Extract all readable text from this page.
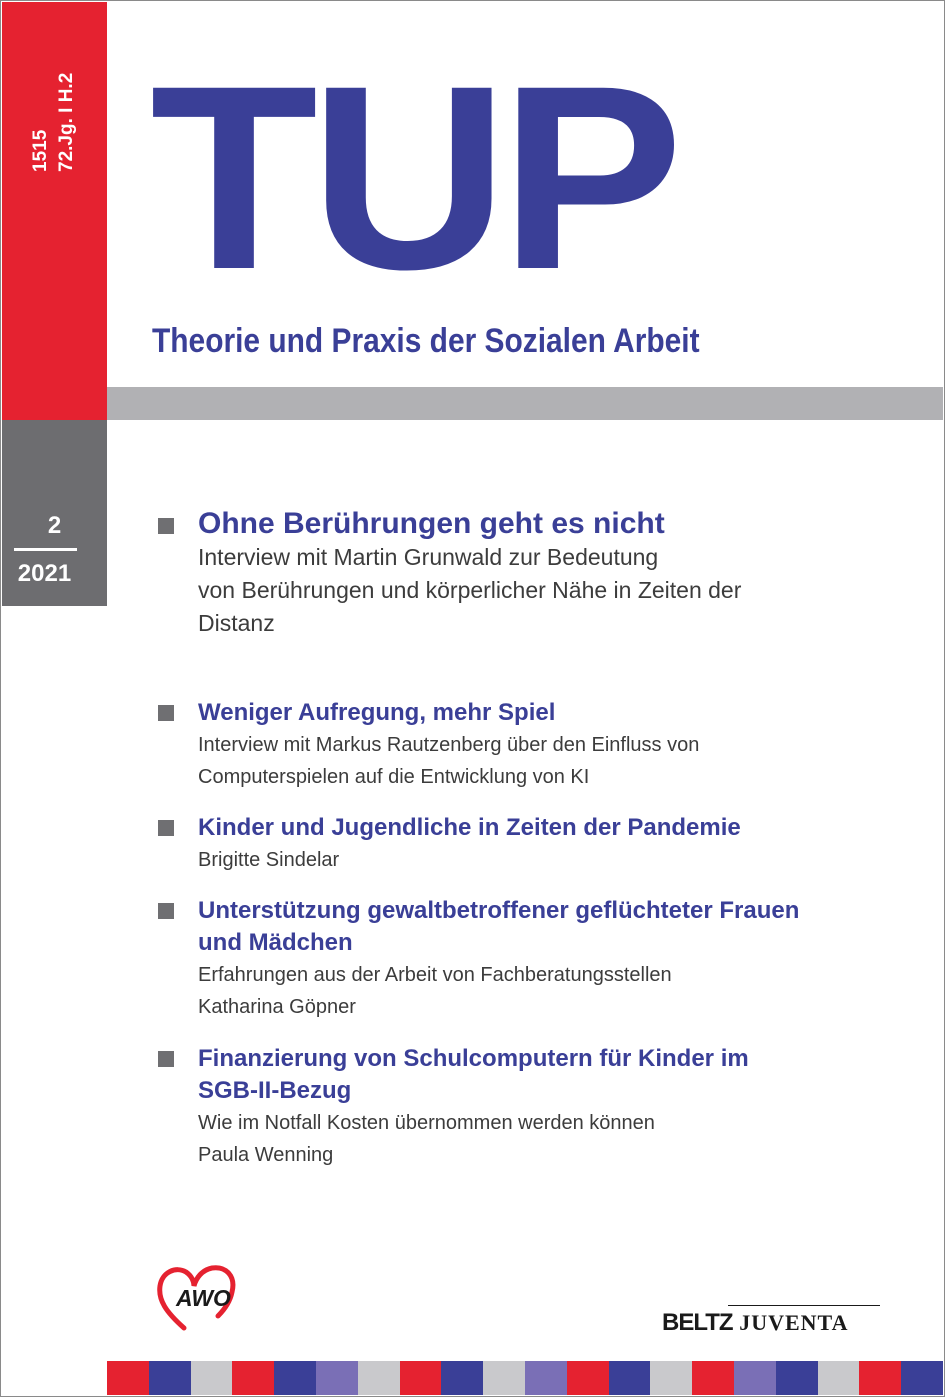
1515 72.Jg. I H.2
2
2021
TUP
Theorie und Praxis der Sozialen Arbeit
Ohne Berührungen geht es nicht
Interview mit Martin Grunwald zur Bedeutung
von Berührungen und körperlicher Nähe in Zeiten der
Distanz
Weniger Aufregung, mehr Spiel
Interview mit Markus Rautzenberg über den Einfluss von
Computerspielen auf die Entwicklung von KI
Kinder und Jugendliche in Zeiten der Pandemie
Brigitte Sindelar
Unterstützung gewaltbetroffener geflüchteter Frauen
und Mädchen
Erfahrungen aus der Arbeit von Fachberatungsstellen
Katharina Göpner
Finanzierung von Schulcomputern für Kinder im
SGB-II-Bezug
Wie im Notfall Kosten übernommen werden können
Paula Wenning
AWO
BELTZ JUVENTA
